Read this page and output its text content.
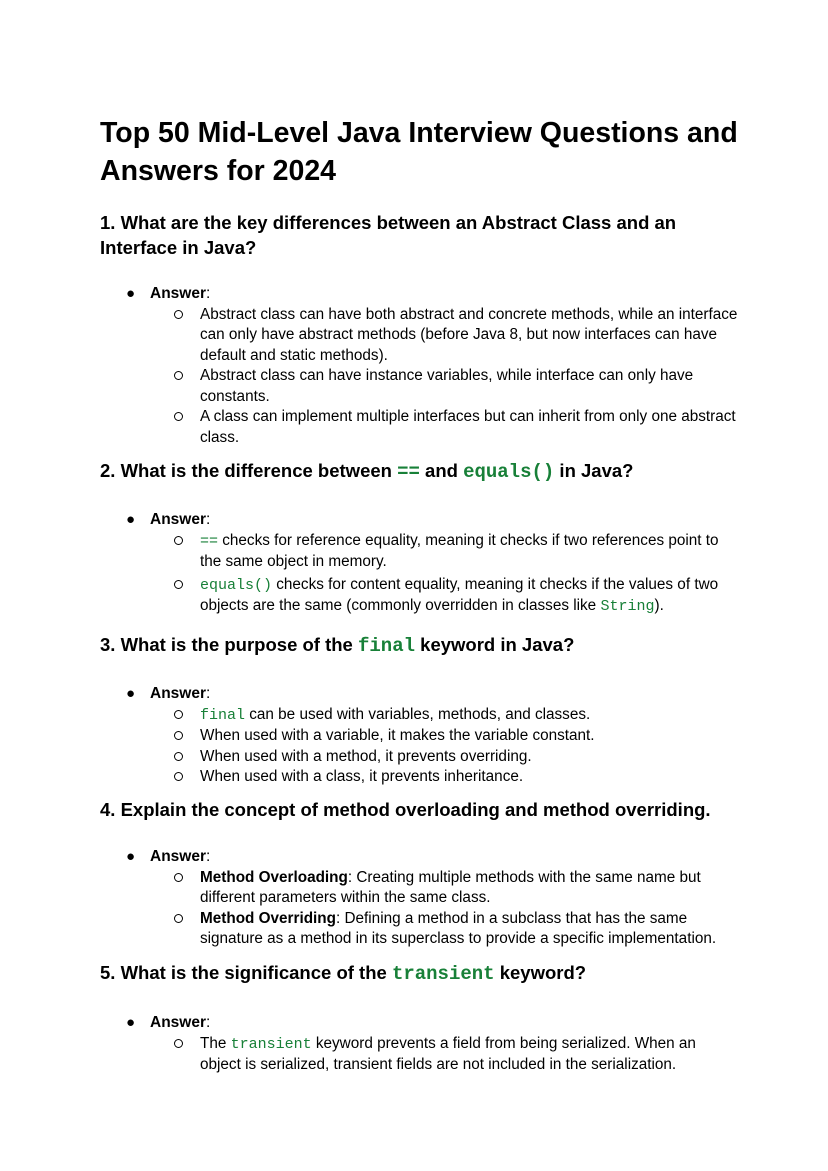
Top 50 Mid-Level Java Interview Questions and Answers for 2024
1. What are the key differences between an Abstract Class and an Interface in Java?

● Answer:

Abstract class can have both abstract and concrete methods, while an interface can only have abstract methods (before Java 8, but now interfaces can have default and static methods).
Abstract class can have instance variables, while interface can only have constants.
A class can implement multiple interfaces but can inherit from only one abstract class.
2. What is the difference between == and equals() in Java?

● Answer:

== checks for reference equality, meaning it checks if two references point to the same object in memory.
equals() checks for content equality, meaning it checks if the values of two objects are the same (commonly overridden in classes like String).
3. What is the purpose of the final keyword in Java?

● Answer:

final can be used with variables, methods, and classes.
When used with a variable, it makes the variable constant.
When used with a method, it prevents overriding.
When used with a class, it prevents inheritance.
4. Explain the concept of method overloading and method overriding.

● Answer:

Method Overloading: Creating multiple methods with the same name but different parameters within the same class.
Method Overriding: Defining a method in a subclass that has the same signature as a method in its superclass to provide a specific implementation.
5. What is the significance of the transient keyword?

● Answer:

The transient keyword prevents a field from being serialized. When an object is serialized, transient fields are not included in the serialization.
